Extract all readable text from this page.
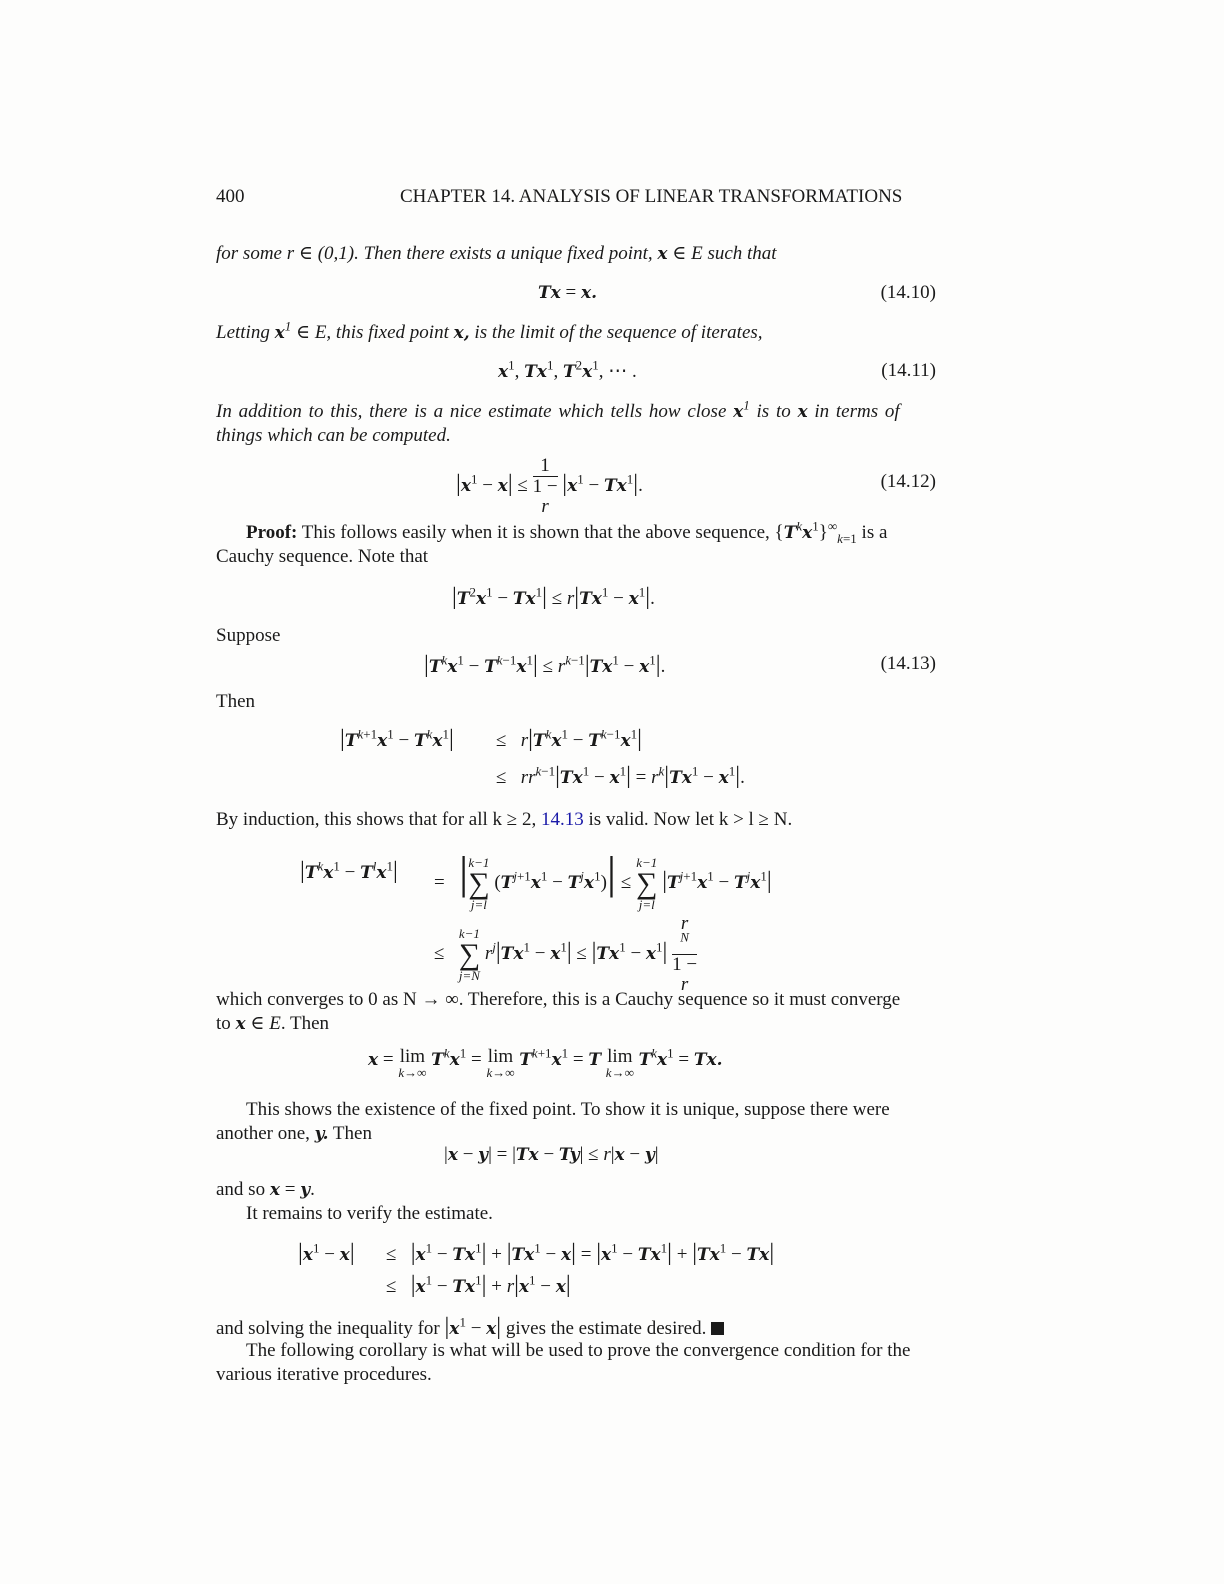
400	CHAPTER 14. ANALYSIS OF LINEAR TRANSFORMATIONS
for some r ∈ (0,1). Then there exists a unique fixed point, x ∈ E such that
Tx = x.	(14.10)
Letting $x^1$ ∈ E, this fixed point x, is the limit of the sequence of iterates,
$x^1$, Tx$^1$, $T^2x^1$, ⋯ .	(14.11)
In addition to this, there is a nice estimate which tells how close $x^1$ is to x in terms of
things which can be computed.
$|x^1 - x| \le 1$
1 −
r $|x^1 - Tx^1|$.	(14.12)
Proof: This follows easily when it is shown that the above sequence, $\{T^kx^1\}^\infty_{k=1}$ is a
Cauchy sequence. Note that
$|T^2x^1 - Tx^1| \le r|Tx^1 - x^1|$.
Suppose
$|T^kx^1 - T^{k-1}x^1| \le r^{k-1}|Tx^1 - x^1|$.	(14.13)
Then
$|T^{k+1}x^1 - T^kx^1| \le r|T^kx^1 - T^{k-1}x^1|$
≤   $rr^{k-1}|Tx^1 - x^1| = r^k|Tx^1 - x^1|$.
By induction, this shows that for all k ≥ 2, 14.13 is valid. Now let k > l ≥ N.
$|T^kx^1 - T^lx^1|$ =   | k−1
∑
j=l
$(T^{j+1}x^1 - T^jx^1)|$ ≤
k−1
∑
j=l
$|T^{j+1}x^1 - T^jx^1|$
≤
k−1
∑
j=N
$r^j|Tx^1 - x^1| \le |Tx^1 - x^1|$ r
$^N$
1 −
r
which converges to 0 as N → ∞. Therefore, this is a Cauchy sequence so it must converge
to x ∈ E. Then
x = lim
k→∞
$T^kx^1 = \lim$
k→∞
$T^{k+1}x^1 = T$ lim
k→∞
$T^kx^1 = Tx$.
This shows the existence of the fixed point. To show it is unique, suppose there were
another one, y. Then
|x − y| = |Tx − Ty| ≤ r|x − y|
and so x = y.
It remains to verify the estimate.
$|x^1 - x| \le |x^1 - Tx^1| + |Tx^1 - x| = |x^1 - Tx^1| + |Tx^1 - Tx|$
≤   $|x^1 - Tx^1| + r|x^1 - x|$
and solving the inequality for $|x^1 - x|$ gives the estimate desired.
The following corollary is what will be used to prove the convergence condition for the
various iterative procedures.
